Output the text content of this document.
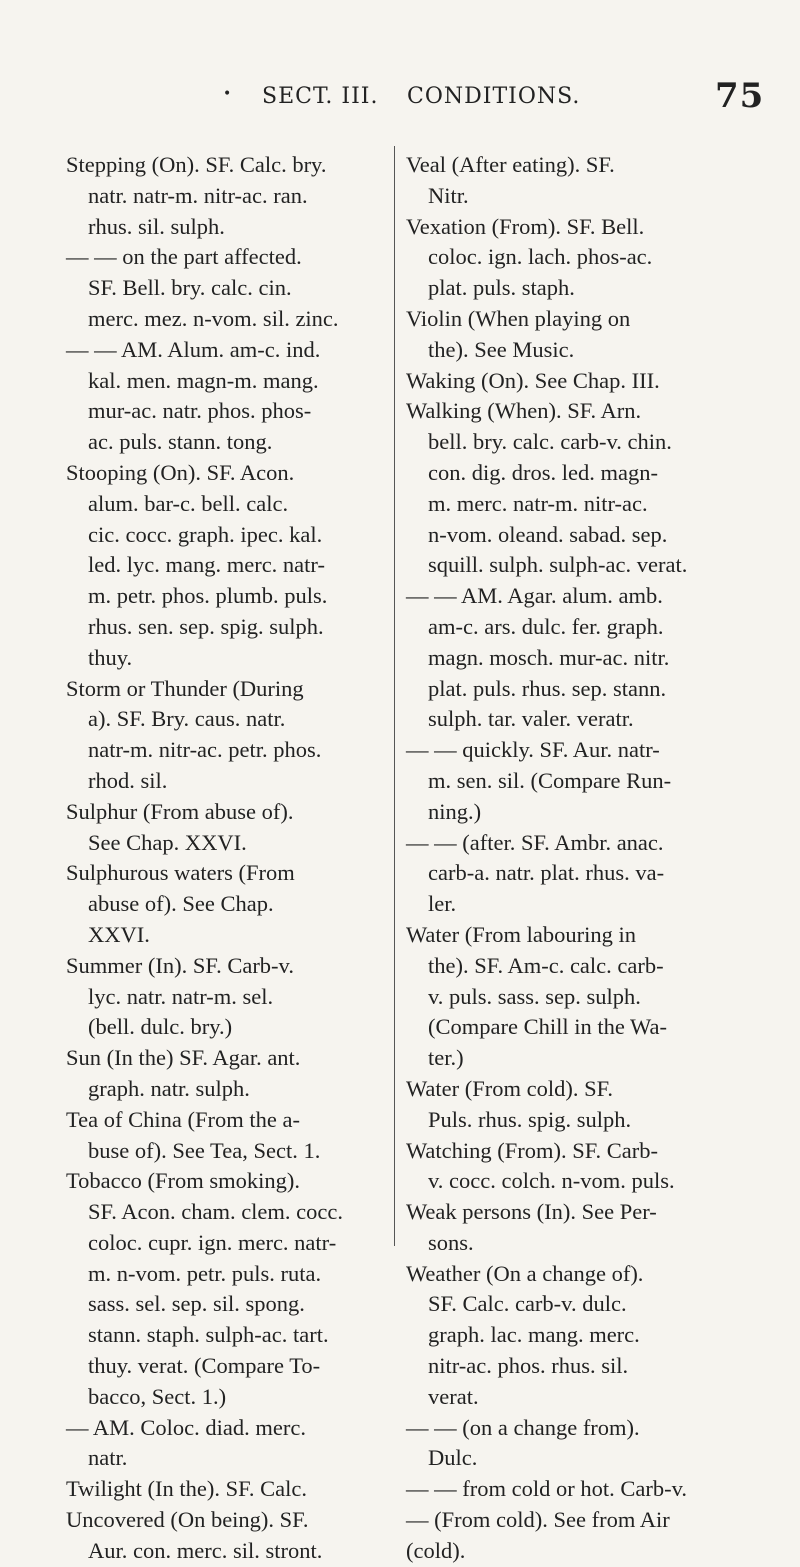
• SECT. III. CONDITIONS.	75
Stepping (On). SF. Calc. bry.
natr. natr-m. nitr-ac. ran.
rhus. sil. sulph.
— — on the part affected.
SF. Bell. bry. calc. cin.
merc. mez. n-vom. sil. zinc.
— — AM. Alum. am-c. ind.
kal. men. magn-m. mang.
mur-ac. natr. phos. phos-
ac. puls. stann. tong.
Stooping (On). SF. Acon.
alum. bar-c. bell. calc.
cic. cocc. graph. ipec. kal.
led. lyc. mang. merc. natr-
m. petr. phos. plumb. puls.
rhus. sen. sep. spig. sulph.
thuy.
Storm or Thunder (During
a). SF. Bry. caus. natr.
natr-m. nitr-ac. petr. phos.
rhod. sil.
Sulphur (From abuse of).
See Chap. XXVI.
Sulphurous waters (From
abuse of). See Chap.
XXVI.
Summer (In). SF. Carb-v.
lyc. natr. natr-m. sel.
(bell. dulc. bry.)
Sun (In the) SF. Agar. ant.
graph. natr. sulph.
Tea of China (From the a-
buse of). See Tea, Sect. 1.
Tobacco (From smoking).
SF. Acon. cham. clem. cocc.
coloc. cupr. ign. merc. natr-
m. n-vom. petr. puls. ruta.
sass. sel. sep. sil. spong.
stann. staph. sulph-ac. tart.
thuy. verat. (Compare To-
bacco, Sect. 1.)
— AM. Coloc. diad. merc.
natr.
Twilight (In the). SF. Calc.
Uncovered (On being). SF.
Aur. con. merc. sil. stront.
Veal (After eating). SF.
Nitr.
Vexation (From). SF. Bell.
coloc. ign. lach. phos-ac.
plat. puls. staph.
Violin (When playing on
the). See Music.
Waking (On). See Chap. III.
Walking (When). SF. Arn.
bell. bry. calc. carb-v. chin.
con. dig. dros. led. magn-
m. merc. natr-m. nitr-ac.
n-vom. oleand. sabad. sep.
squill. sulph. sulph-ac. verat.
— — AM. Agar. alum. amb.
am-c. ars. dulc. fer. graph.
magn. mosch. mur-ac. nitr.
plat. puls. rhus. sep. stann.
sulph. tar. valer. veratr.
— — quickly. SF. Aur. natr-
m. sen. sil. (Compare Run-
ning.)
— — (after. SF. Ambr. anac.
carb-a. natr. plat. rhus. va-
ler.
Water (From labouring in
the). SF. Am-c. calc. carb-
v. puls. sass. sep. sulph.
(Compare Chill in the Wa-
ter.)
Water (From cold). SF.
Puls. rhus. spig. sulph.
Watching (From). SF. Carb-
v. cocc. colch. n-vom. puls.
Weak persons (In). See Per-
sons.
Weather (On a change of).
SF. Calc. carb-v. dulc.
graph. lac. mang. merc.
nitr-ac. phos. rhus. sil.
verat.
— — (on a change from).
Dulc.
— — from cold or hot. Carb-v.
— (From cold). See from Air
(cold).
